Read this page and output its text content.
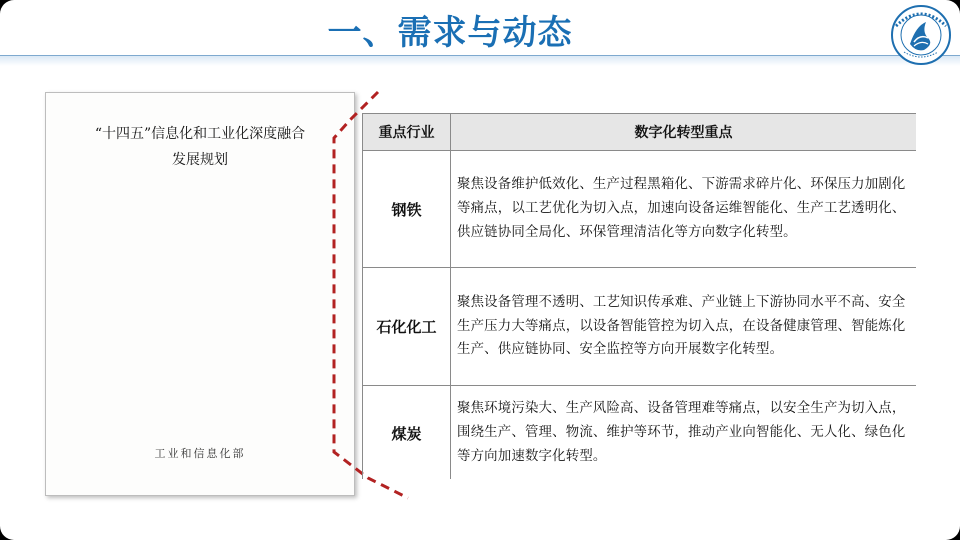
一、需求与动态
“十四五”信息化和工业化深度融合
发展规划
工业和信息化部
重点行业	数字化转型重点
钢铁	聚焦设备维护低效化、生产过程黑箱化、下游需求碎片化、环保压力加剧化等痛点，以工艺优化为切入点，加速向设备运维智能化、生产工艺透明化、供应链协同全局化、环保管理清洁化等方向数字化转型。
石化化工	聚焦设备管理不透明、工艺知识传承难、产业链上下游协同水平不高、安全生产压力大等痛点，以设备智能管控为切入点，在设备健康管理、智能炼化生产、供应链协同、安全监控等方向开展数字化转型。
煤炭	聚焦环境污染大、生产风险高、设备管理难等痛点，以安全生产为切入点，围绕生产、管理、物流、维护等环节，推动产业向智能化、无人化、绿色化等方向加速数字化转型。
